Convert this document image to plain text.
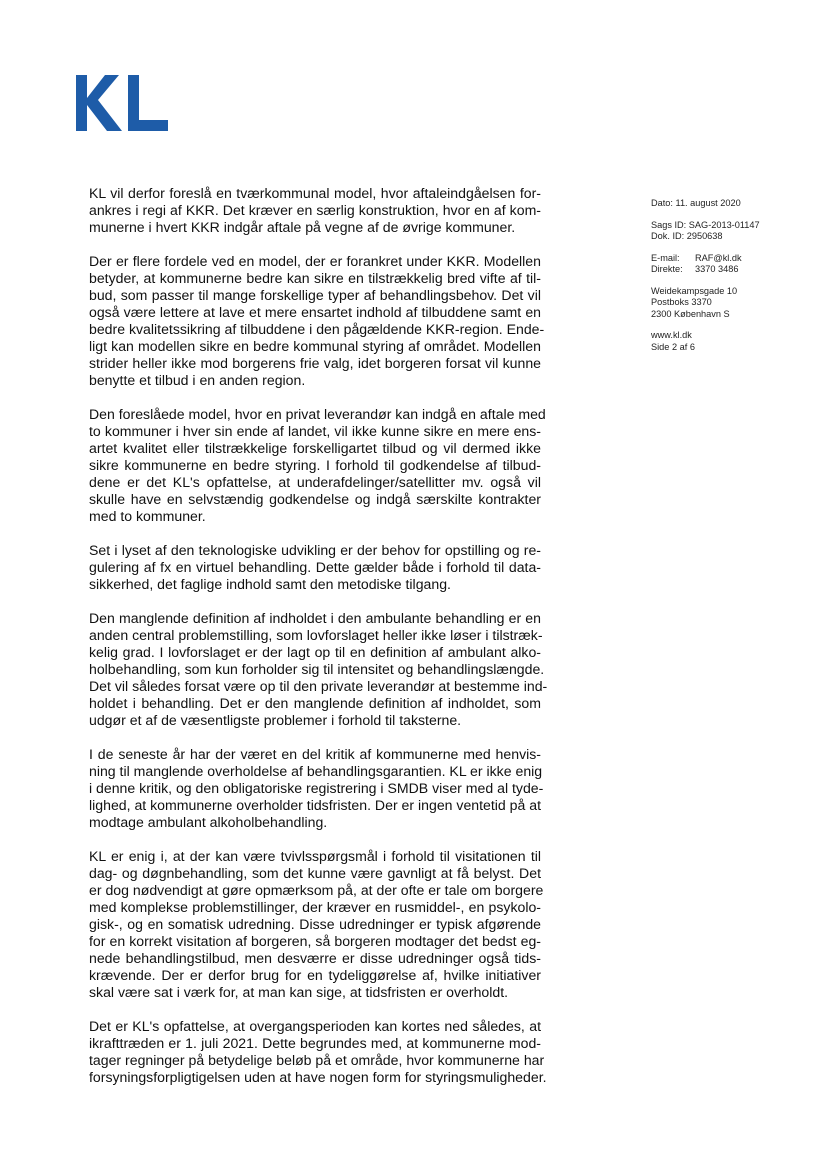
Dato: 11. august 2020
Sags ID: SAG-2013-01147
Dok. ID: 2950638
E-mail: RAF@kl.dk
Direkte: 3370 3486
Weidekampsgade 10
Postboks 3370
2300 København S
www.kl.dk
Side 2 af 6
KL vil derfor foreslå en tværkommunal model, hvor aftaleindgåelsen for-
ankres i regi af KKR. Det kræver en særlig konstruktion, hvor en af kom-
munerne i hvert KKR indgår aftale på vegne af de øvrige kommuner.
Der er flere fordele ved en model, der er forankret under KKR. Modellen
betyder, at kommunerne bedre kan sikre en tilstrækkelig bred vifte af til-
bud, som passer til mange forskellige typer af behandlingsbehov. Det vil
også være lettere at lave et mere ensartet indhold af tilbuddene samt en
bedre kvalitetssikring af tilbuddene i den pågældende KKR-region. Ende-
ligt kan modellen sikre en bedre kommunal styring af området. Modellen
strider heller ikke mod borgerens frie valg, idet borgeren forsat vil kunne
benytte et tilbud i en anden region.
Den foreslåede model, hvor en privat leverandør kan indgå en aftale med
to kommuner i hver sin ende af landet, vil ikke kunne sikre en mere ens-
artet kvalitet eller tilstrækkelige forskelligartet tilbud og vil dermed ikke
sikre kommunerne en bedre styring. I forhold til godkendelse af tilbud-
dene er det KL's opfattelse, at underafdelinger/satellitter mv. også vil
skulle have en selvstændig godkendelse og indgå særskilte kontrakter
med to kommuner.
Set i lyset af den teknologiske udvikling er der behov for opstilling og re-
gulering af fx en virtuel behandling. Dette gælder både i forhold til data-
sikkerhed, det faglige indhold samt den metodiske tilgang.
Den manglende definition af indholdet i den ambulante behandling er en
anden central problemstilling, som lovforslaget heller ikke løser i tilstræk-
kelig grad. I lovforslaget er der lagt op til en definition af ambulant alko-
holbehandling, som kun forholder sig til intensitet og behandlingslængde.
Det vil således forsat være op til den private leverandør at bestemme ind-
holdet i behandling. Det er den manglende definition af indholdet, som
udgør et af de væsentligste problemer i forhold til taksterne.
I de seneste år har der været en del kritik af kommunerne med henvis-
ning til manglende overholdelse af behandlingsgarantien. KL er ikke enig
i denne kritik, og den obligatoriske registrering i SMDB viser med al tyde-
lighed, at kommunerne overholder tidsfristen. Der er ingen ventetid på at
modtage ambulant alkoholbehandling.
KL er enig i, at der kan være tvivlsspørgsmål i forhold til visitationen til
dag- og døgnbehandling, som det kunne være gavnligt at få belyst. Det
er dog nødvendigt at gøre opmærksom på, at der ofte er tale om borgere
med komplekse problemstillinger, der kræver en rusmiddel-, en psykolo-
gisk-, og en somatisk udredning. Disse udredninger er typisk afgørende
for en korrekt visitation af borgeren, så borgeren modtager det bedst eg-
nede behandlingstilbud, men desværre er disse udredninger også tids-
krævende. Der er derfor brug for en tydeliggørelse af, hvilke initiativer
skal være sat i værk for, at man kan sige, at tidsfristen er overholdt.
Det er KL's opfattelse, at overgangsperioden kan kortes ned således, at
ikrafttræden er 1. juli 2021. Dette begrundes med, at kommunerne mod-
tager regninger på betydelige beløb på et område, hvor kommunerne har
forsyningsforpligtigelsen uden at have nogen form for styringsmuligheder.
